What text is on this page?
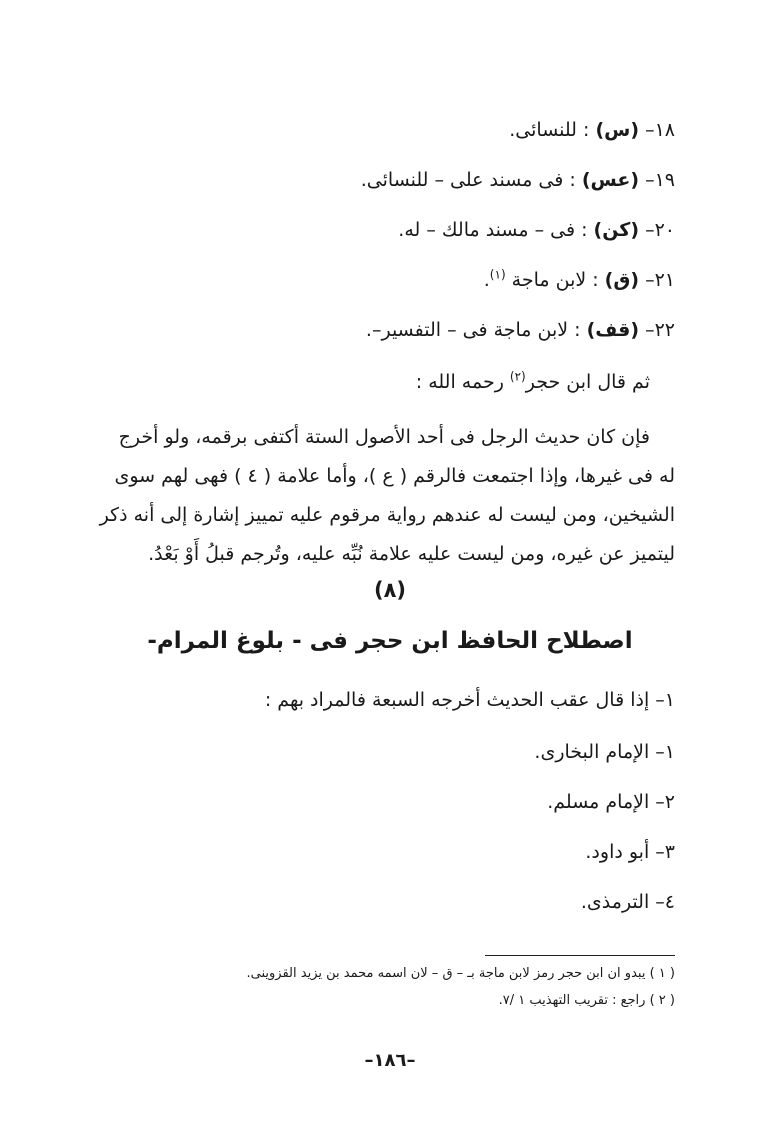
١٨– (س) : للنسائى.
١٩– (عس) : فى مسند على – للنسائى.
٢٠– (كن) : فى – مسند مالك – له.
٢١– (ق) : لابن ماجة $^{(١)}$.
٢٢– (قف) : لابن ماجة فى – التفسير–.
ثم قال ابن حجر$^{(٢)}$ رحمه الله :

فإن كان حديث الرجل فى أحد الأصول الستة أكتفى برقمه، ولو أخرج

له فى غيرها، وإذا اجتمعت فالرقم ( ع )، وأما علامة ( ٤ ) فهى لهم سوى

الشيخين، ومن ليست له عندهم رواية مرقوم عليه تمييز إشارة إلى أنه ذكر

ليتميز عن غيره، ومن ليست عليه علامة نُبِّه عليه، وتُرجم قبلُ أَوْ بَعْدُ.

(٨)
اصطلاح الحافظ ابن حجر فى - بلوغ المرام-
١– إذا قال عقب الحديث أخرجه السبعة فالمراد بهم :
١– الإمام البخارى.
٢– الإمام مسلم.
٣– أبو داود.
٤– الترمذى.
( ١ ) يبدو ان ابن حجر رمز لابن ماجة بـ – ق – لان اسمه محمد بن يزيد القزوينى.
( ٢ ) راجع : تقريب التهذيب ١ /٧.
–١٨٦–
